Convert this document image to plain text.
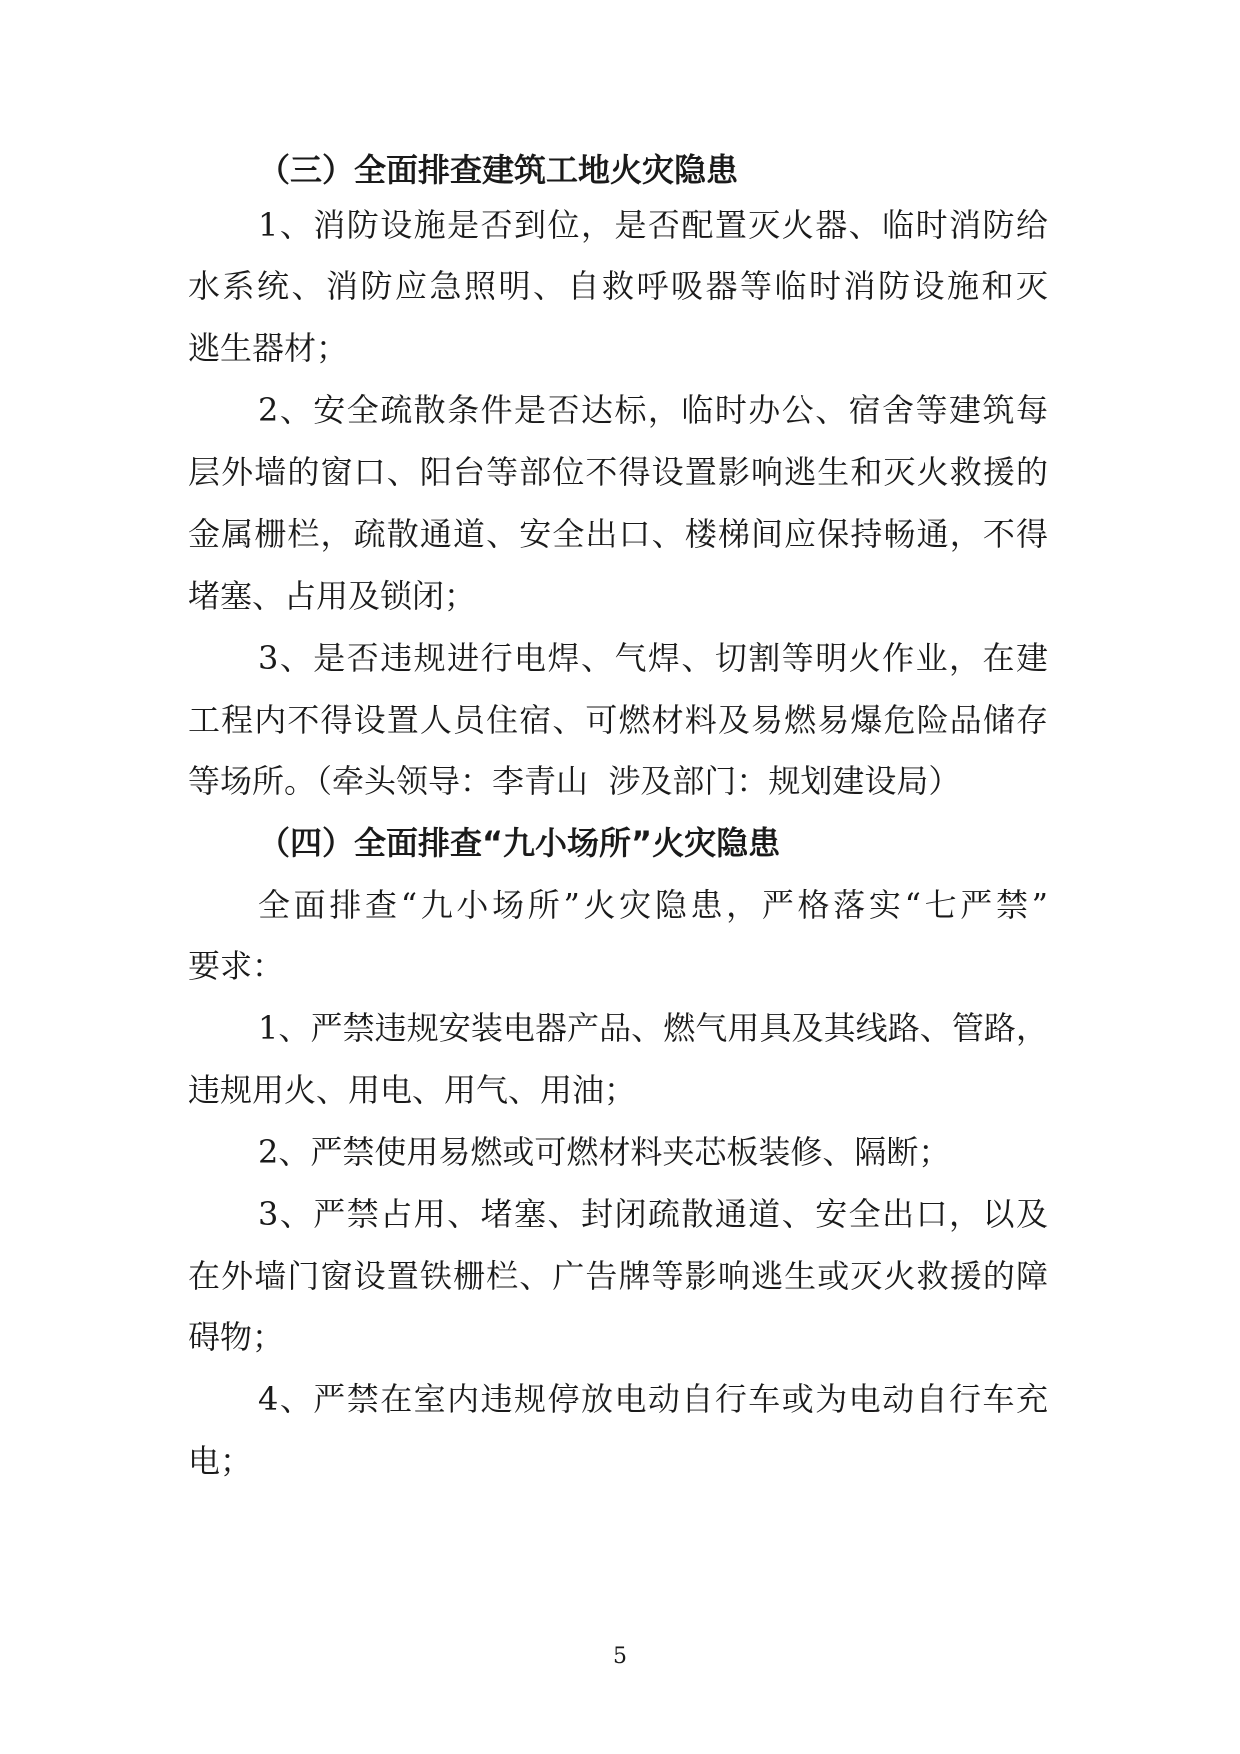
（三）全面排查建筑工地火灾隐患
1、消防设施是否到位，是否配置灭火器、临时消防给
水系统、消防应急照明、自救呼吸器等临时消防设施和灭
逃生器材；
2、安全疏散条件是否达标，临时办公、宿舍等建筑每
层外墙的窗口、阳台等部位不得设置影响逃生和灭火救援的
金属栅栏，疏散通道、安全出口、楼梯间应保持畅通，不得
堵塞、占用及锁闭；
3、是否违规进行电焊、气焊、切割等明火作业，在建
工程内不得设置人员住宿、可燃材料及易燃易爆危险品储存
等场所。（牵头领导：李青山  涉及部门：规划建设局）
（四）全面排查“九小场所”火灾隐患
全面排查“九小场所”火灾隐患，严格落实“七严禁”
要求：
1、严禁违规安装电器产品、燃气用具及其线路、管路，
违规用火、用电、用气、用油；
2、严禁使用易燃或可燃材料夹芯板装修、隔断；
3、严禁占用、堵塞、封闭疏散通道、安全出口，以及
在外墙门窗设置铁栅栏、广告牌等影响逃生或灭火救援的障
碍物；
4、严禁在室内违规停放电动自行车或为电动自行车充
电；
5
